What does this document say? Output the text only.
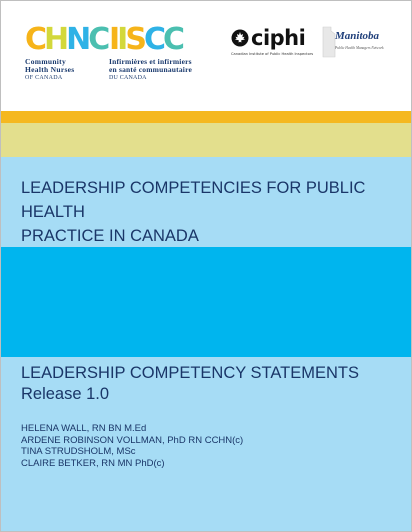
C H N C
Community
Health Nurses
OF CANADA
I I S C C
Infirmières et infirmiers
en santé communautaire
DU CANADA
ciphi
Canadian Institute of Public Health Inspectors
Manitoba
Public Health Managers Network
LEADERSHIP COMPETENCIES FOR PUBLIC HEALTH
PRACTICE IN CANADA
LEADERSHIP COMPETENCY STATEMENTS
Release 1.0
HELENA WALL, RN BN M.Ed
ARDENE ROBINSON VOLLMAN, PhD RN CCHN(c)
TINA STRUDSHOLM, MSc
CLAIRE BETKER, RN MN PhD(c)
